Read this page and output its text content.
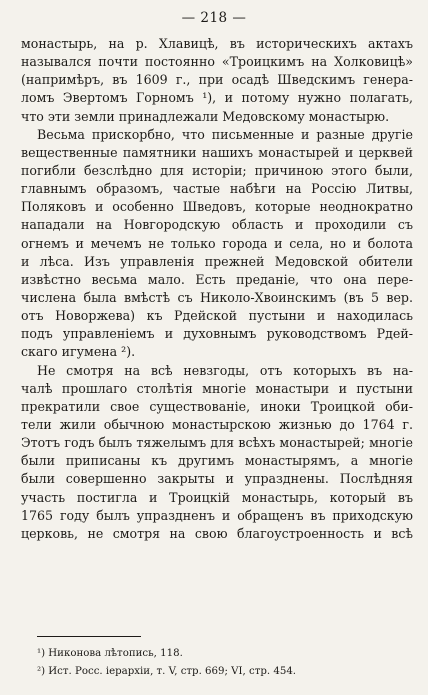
— 218 —
монастырь, на р. Хлавицѣ, въ историческихъ актахъ
назывался почти постоянно «Троицкимъ на Холковицѣ»
(напримѣръ, въ 1609 г., при осадѣ Шведскимъ генера-
ломъ Эвертомъ Горномъ ¹), и потому нужно полагать,
что эти земли принадлежали Медовскому монастырю.
Весьма прискорбно, что письменные и разные другіе
вещественные памятники нашихъ монастырей и церквей
погибли безслѣдно для исторіи; причиною этого были,
главнымъ образомъ, частые набѣги на Россію Литвы,
Поляковъ и особенно Шведовъ, которые неоднократно
нападали на Новгородскую область и проходили съ
огнемъ и мечемъ не только города и села, но и болота
и лѣса. Изъ управленія прежней Медовской обители
извѣстно весьма мало. Есть преданіе, что она пере-
числена была вмѣстѣ съ Николо-Хвоинскимъ (въ 5 вер.
отъ Новоржева) къ Рдейской пустыни и находилась
подъ управленіемъ и духовнымъ руководствомъ Рдей-
скаго игумена ²).
Не смотря на всѣ невзгоды, отъ которыхъ въ на-
чалѣ прошлаго столѣтія многіе монастыри и пустыни
прекратили свое существованіе, иноки Троицкой оби-
тели жили обычною монастырскою жизнью до 1764 г.
Этотъ годъ былъ тяжелымъ для всѣхъ монастырей; многіе
были приписаны къ другимъ монастырямъ, а многіе
были совершенно закрыты и упразднены. Послѣдняя
участь постигла и Троицкій монастырь, который въ
1765 году былъ упраздненъ и обращенъ въ приходскую
церковь, не смотря на свою благоустроенность и всѣ
¹) Никонова лѣтопись, 118.
²) Ист. Росс. іерархіи, т. V, стр. 669; VI, стр. 454.
